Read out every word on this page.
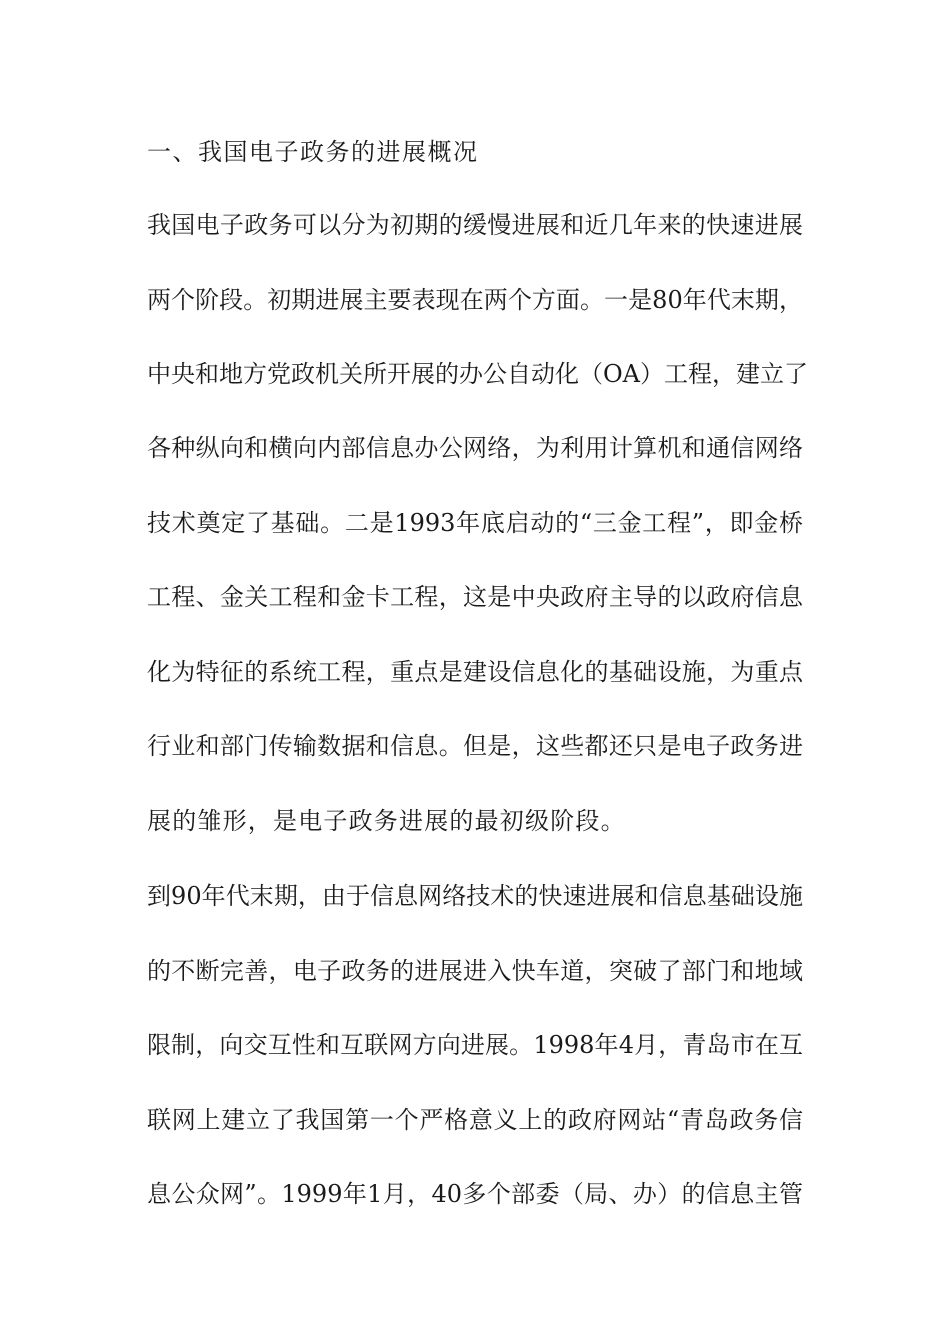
一、我国电子政务的进展概况
我国电子政务可以分为初期的缓慢进展和近几年来的快速进展
两个阶段。初期进展主要表现在两个方面。一是80年代末期，
中央和地方党政机关所开展的办公自动化（OA）工程，建立了
各种纵向和横向内部信息办公网络，为利用计算机和通信网络
技术奠定了基础。二是1993年底启动的“三金工程”，即金桥
工程、金关工程和金卡工程，这是中央政府主导的以政府信息
化为特征的系统工程，重点是建设信息化的基础设施，为重点
行业和部门传输数据和信息。但是，这些都还只是电子政务进
展的雏形，是电子政务进展的最初级阶段。
到90年代末期，由于信息网络技术的快速进展和信息基础设施
的不断完善，电子政务的进展进入快车道，突破了部门和地域
限制，向交互性和互联网方向进展。1998年4月，青岛市在互
联网上建立了我国第一个严格意义上的政府网站“青岛政务信
息公众网”。1999年1月，40多个部委（局、办）的信息主管
